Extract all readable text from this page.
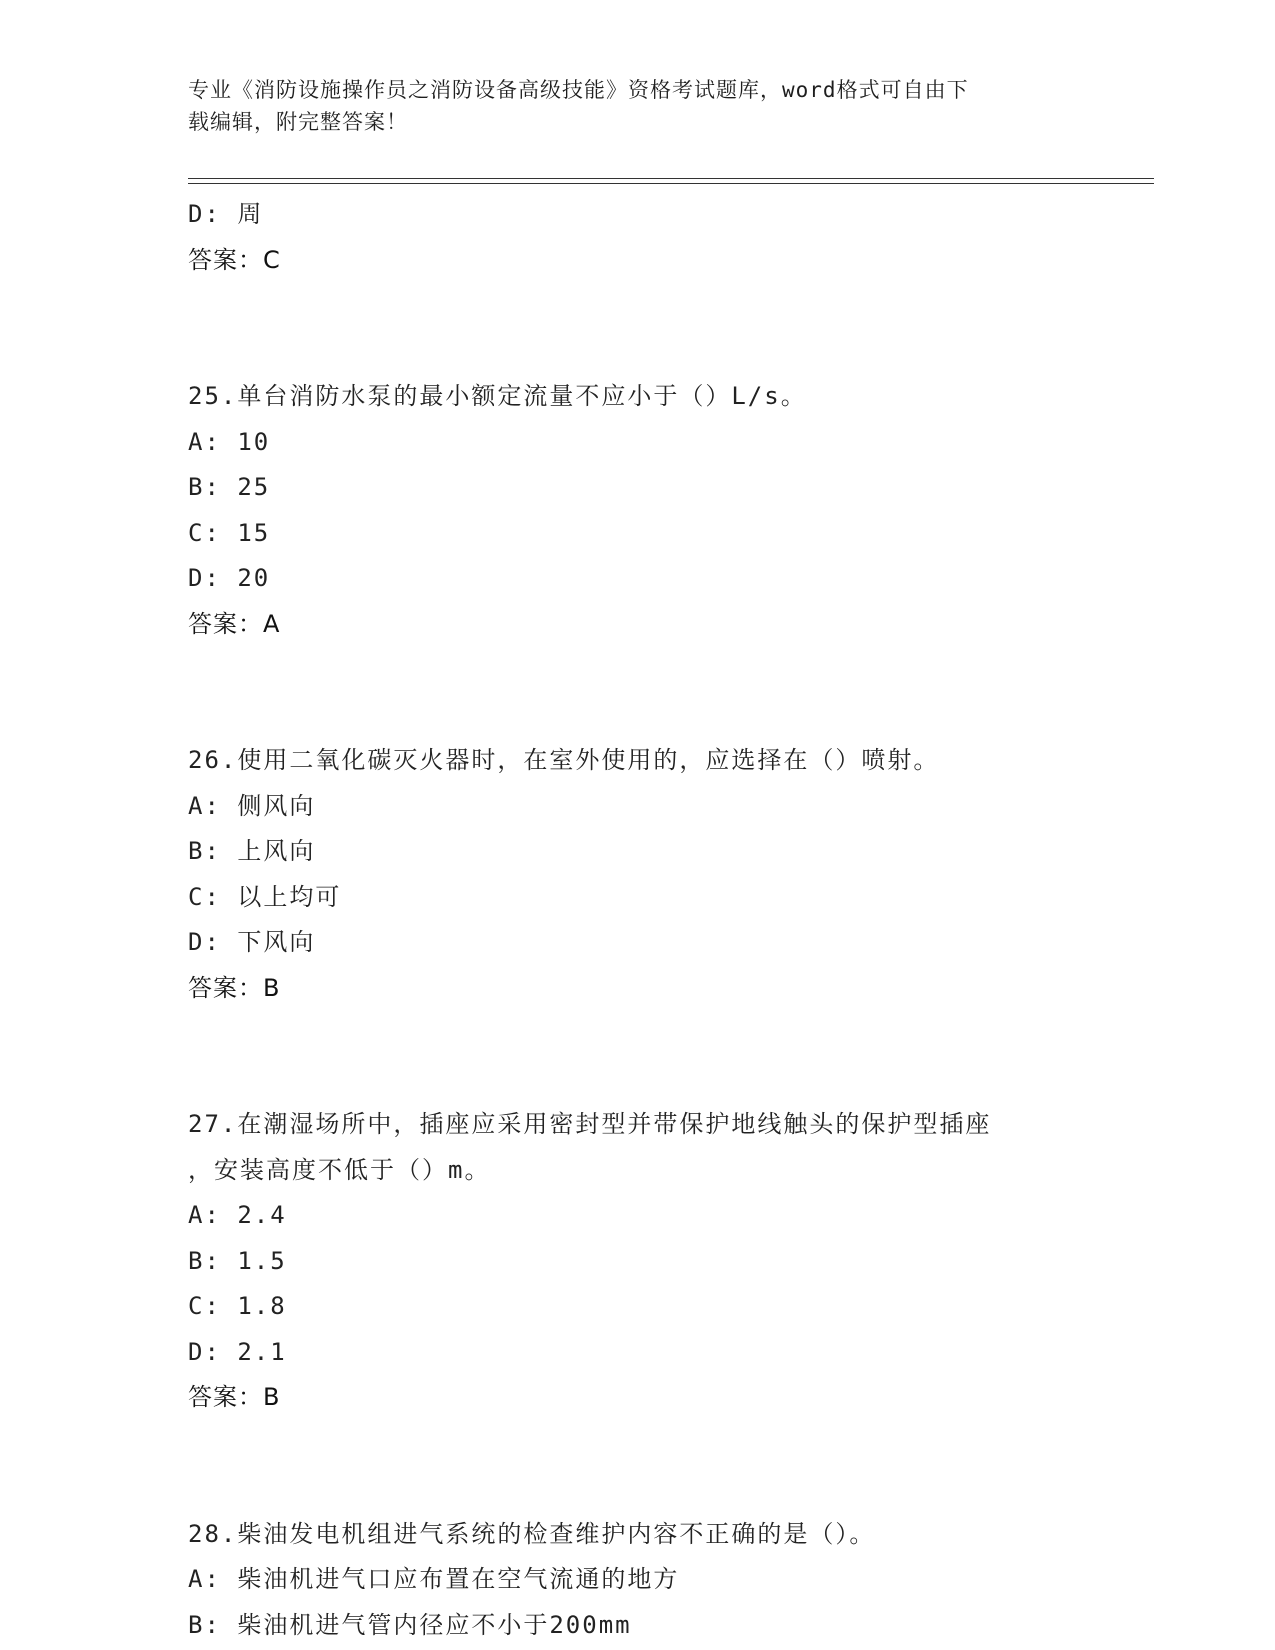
专业《消防设施操作员之消防设备高级技能》资格考试题库，word格式可自由下
载编辑，附完整答案！
D: 周
答案：C
25.单台消防水泵的最小额定流量不应小于（）L/s。
A: 10
B: 25
C: 15
D: 20
答案：A
26.使用二氧化碳灭火器时，在室外使用的，应选择在（）喷射。
A: 侧风向
B: 上风向
C: 以上均可
D: 下风向
答案：B
27.在潮湿场所中，插座应采用密封型并带保护地线触头的保护型插座
，安装高度不低于（）m。
A: 2.4
B: 1.5
C: 1.8
D: 2.1
答案：B
28.柴油发电机组进气系统的检查维护内容不正确的是（）。
A: 柴油机进气口应布置在空气流通的地方
B: 柴油机进气管内径应不小于200mm
